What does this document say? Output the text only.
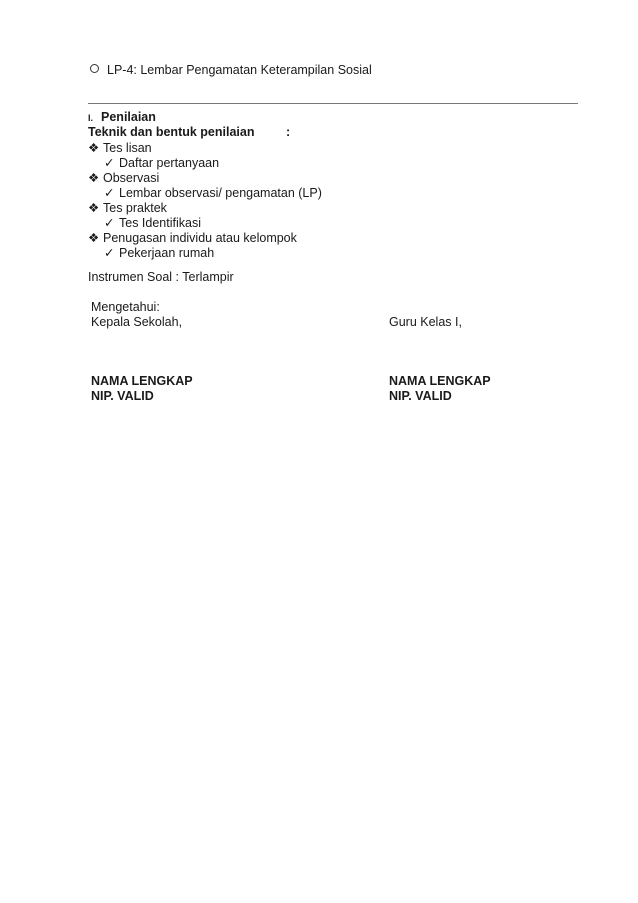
LP-4: Lembar Pengamatan Keterampilan Sosial
I. Penilaian
Teknik dan bentuk penilaian	:
❖ Tes lisan
✓ Daftar pertanyaan
❖ Observasi
✓ Lembar observasi/ pengamatan (LP)
❖ Tes praktek
✓ Tes Identifikasi
❖ Penugasan individu atau kelompok
✓ Pekerjaan rumah
Instrumen Soal : Terlampir
Mengetahui:
Kepala Sekolah,	Guru Kelas I,
NAMA LENGKAP
NIP. VALID
NAMA LENGKAP
NIP. VALID
